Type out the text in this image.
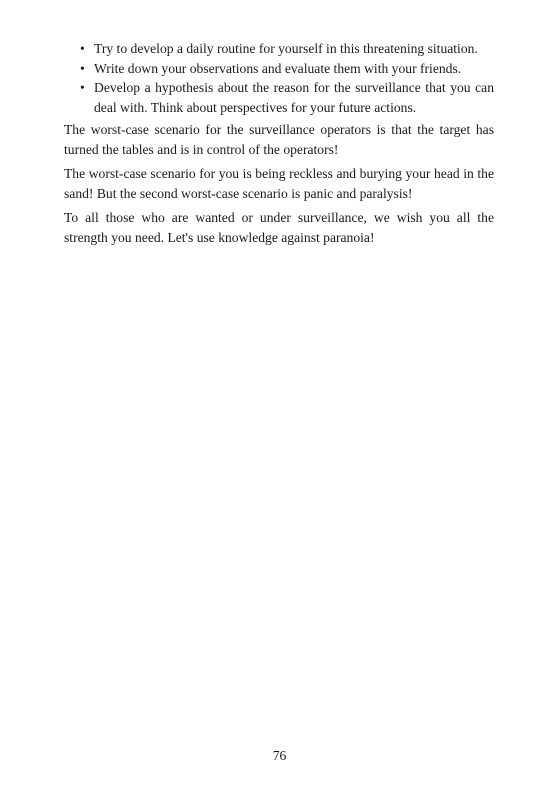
• Try to develop a daily routine for yourself in this threatening situation.
• Write down your observations and evaluate them with your friends.
• Develop a hypothesis about the reason for the surveillance that you can deal with. Think about perspectives for your future actions.

The worst-case scenario for the surveillance operators is that the target has turned the tables and is in control of the operators!

The worst-case scenario for you is being reckless and burying your head in the sand! But the second worst-case scenario is panic and paralysis!

To all those who are wanted or under surveillance, we wish you all the strength you need. Let's use knowledge against paranoia!

76
